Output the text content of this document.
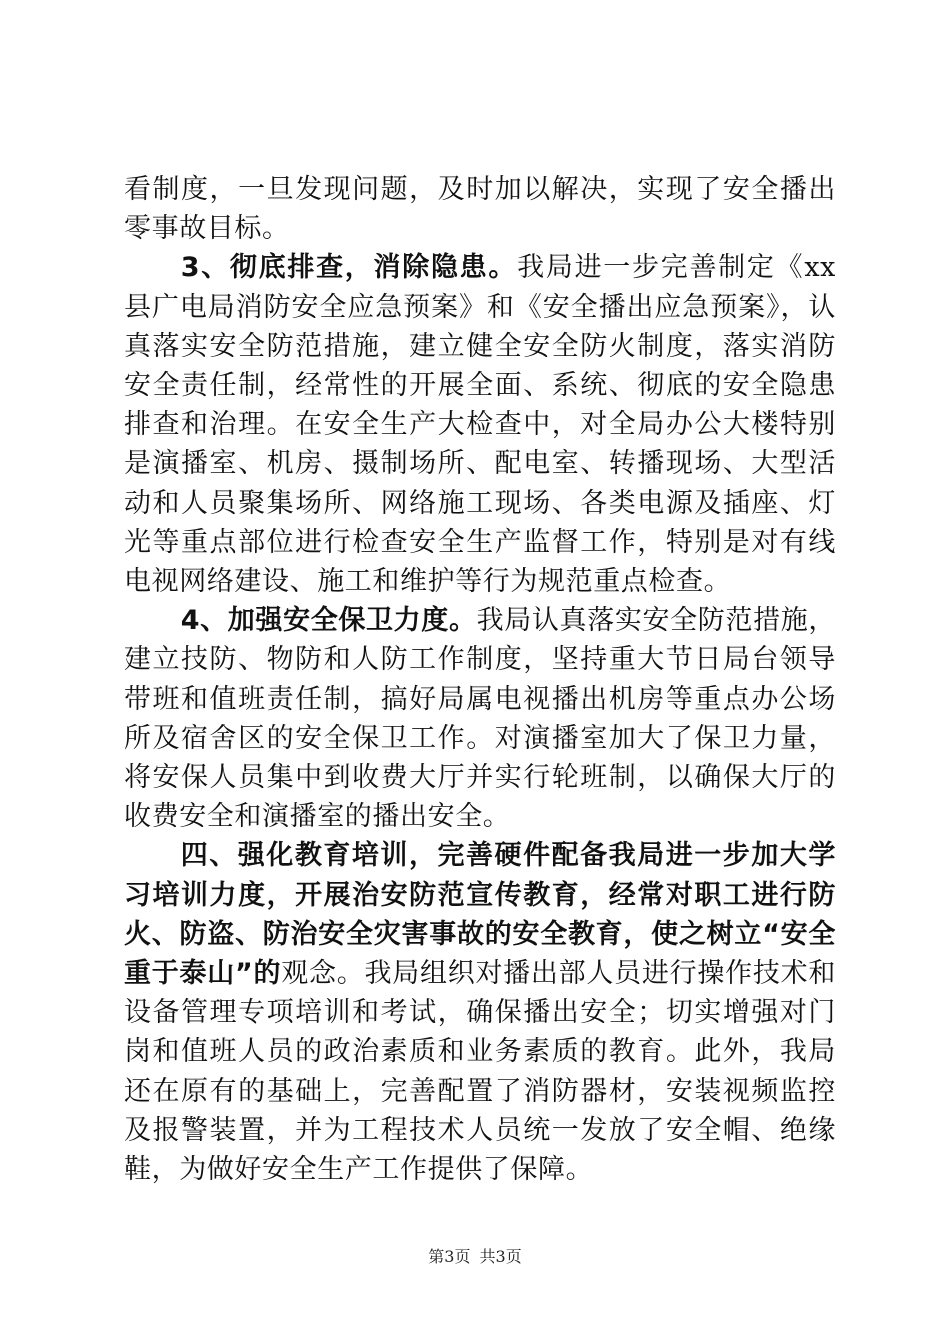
看制度，一旦发现问题，及时加以解决，实现了安全播出零事故目标。

3、彻底排查，消除隐患。我局进一步完善制定《xx县广电局消防安全应急预案》和《安全播出应急预案》，认真落实安全防范措施，建立健全安全防火制度，落实消防安全责任制，经常性的开展全面、系统、彻底的安全隐患排查和治理。在安全生产大检查中，对全局办公大楼特别是演播室、机房、摄制场所、配电室、转播现场、大型活动和人员聚集场所、网络施工现场、各类电源及插座、灯光等重点部位进行检查安全生产监督工作，特别是对有线电视网络建设、施工和维护等行为规范重点检查。

4、加强安全保卫力度。我局认真落实安全防范措施，建立技防、物防和人防工作制度，坚持重大节日局台领导带班和值班责任制，搞好局属电视播出机房等重点办公场所及宿舍区的安全保卫工作。对演播室加大了保卫力量，将安保人员集中到收费大厅并实行轮班制，以确保大厅的收费安全和演播室的播出安全。

四、强化教育培训，完善硬件配备我局进一步加大学习培训力度，开展治安防范宣传教育，经常对职工进行防火、防盗、防治安全灾害事故的安全教育，使之树立“安全重于泰山”的观念。我局组织对播出部人员进行操作技术和设备管理专项培训和考试，确保播出安全；切实增强对门岗和值班人员的政治素质和业务素质的教育。此外，我局还在原有的基础上，完善配置了消防器材，安装视频监控及报警装置，并为工程技术人员统一发放了安全帽、绝缘鞋，为做好安全生产工作提供了保障。

第3页 共3页
